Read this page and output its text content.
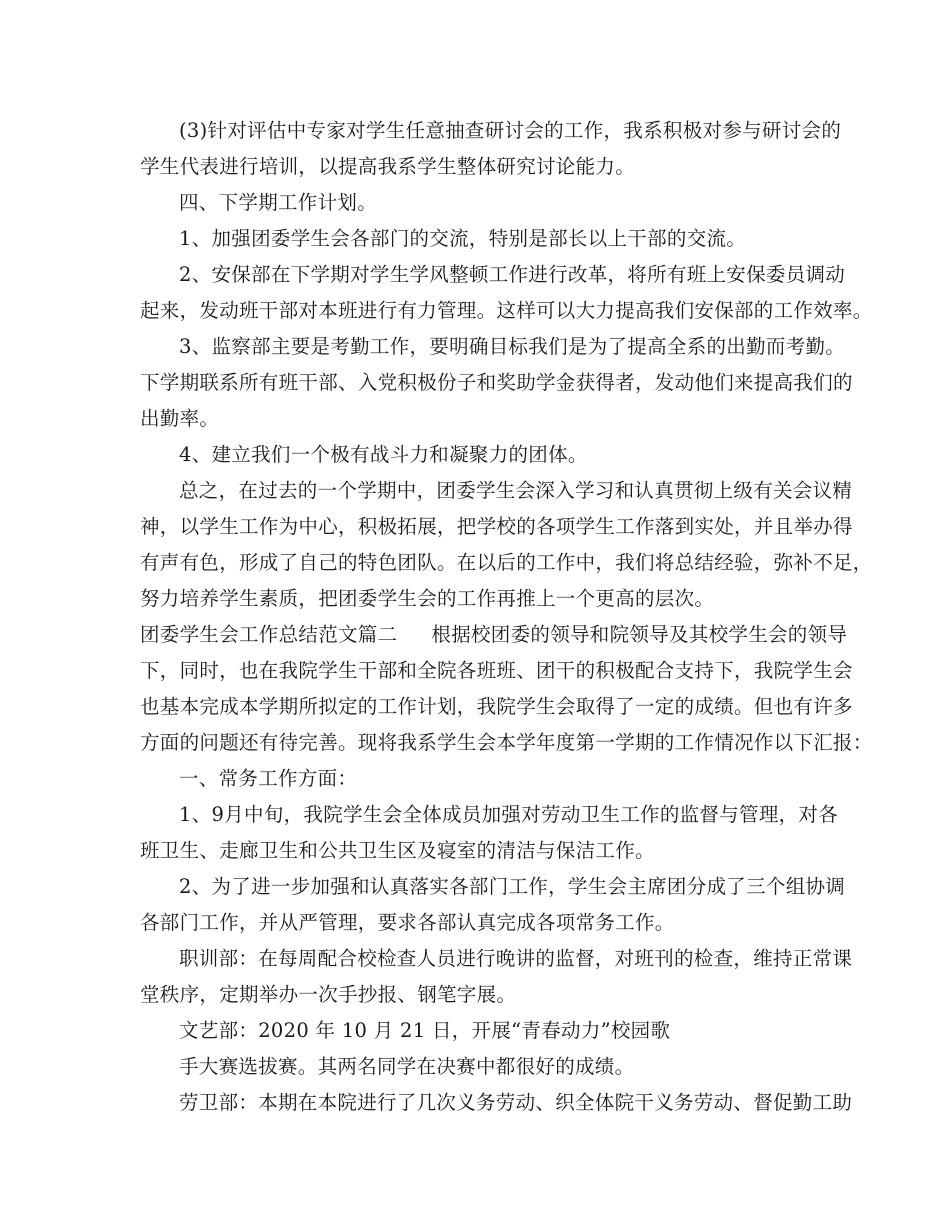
(3)针对评估中专家对学生任意抽查研讨会的工作，我系积极对参与研讨会的
学生代表进行培训，以提高我系学生整体研究讨论能力。
四、下学期工作计划。
1、加强团委学生会各部门的交流，特别是部长以上干部的交流。
2、安保部在下学期对学生学风整顿工作进行改革，将所有班上安保委员调动
起来，发动班干部对本班进行有力管理。这样可以大力提高我们安保部的工作效率。
3、监察部主要是考勤工作，要明确目标我们是为了提高全系的出勤而考勤。
下学期联系所有班干部、入党积极份子和奖助学金获得者，发动他们来提高我们的
出勤率。
4、建立我们一个极有战斗力和凝聚力的团体。
总之，在过去的一个学期中，团委学生会深入学习和认真贯彻上级有关会议精
神，以学生工作为中心，积极拓展，把学校的各项学生工作落到实处，并且举办得
有声有色，形成了自己的特色团队。在以后的工作中，我们将总结经验，弥补不足，
努力培养学生素质，把团委学生会的工作再推上一个更高的层次。
团委学生会工作总结范文篇二 根据校团委的领导和院领导及其校学生会的领导
下，同时，也在我院学生干部和全院各班班、团干的积极配合支持下，我院学生会
也基本完成本学期所拟定的工作计划，我院学生会取得了一定的成绩。但也有许多
方面的问题还有待完善。现将我系学生会本学年度第一学期的工作情况作以下汇报：
一、常务工作方面：
1、9月中旬，我院学生会全体成员加强对劳动卫生工作的监督与管理，对各
班卫生、走廊卫生和公共卫生区及寝室的清洁与保洁工作。
2、为了进一步加强和认真落实各部门工作，学生会主席团分成了三个组协调
各部门工作，并从严管理，要求各部认真完成各项常务工作。
职训部：在每周配合校检查人员进行晚讲的监督，对班刊的检查，维持正常课
堂秩序，定期举办一次手抄报、钢笔字展。
文艺部：2020 年 10 月 21 日，开展“青春动力”校园歌
手大赛选拔赛。其两名同学在决赛中都很好的成绩。
劳卫部：本期在本院进行了几次义务劳动、织全体院干义务劳动、督促勤工助
